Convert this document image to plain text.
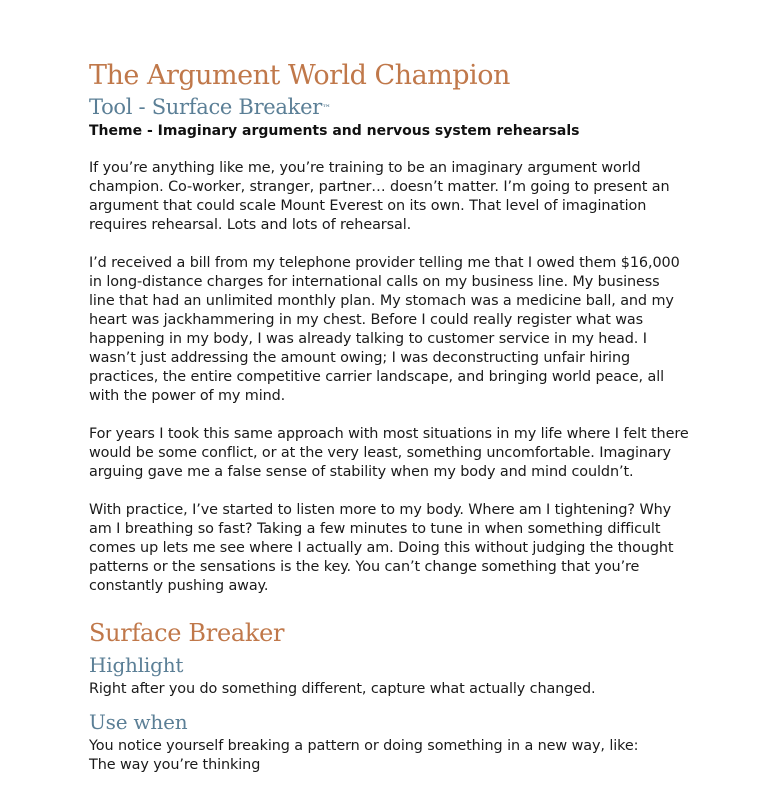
The Argument World Champion
Tool - Surface Breaker™

Theme - Imaginary arguments and nervous system rehearsals

If you’re anything like me, you’re training to be an imaginary argument world champion. Co-worker, stranger, partner… doesn’t matter. I’m going to present an argument that could scale Mount Everest on its own. That level of imagination requires rehearsal. Lots and lots of rehearsal.

I’d received a bill from my telephone provider telling me that I owed them $16,000 in long-distance charges for international calls on my business line. My business line that had an unlimited monthly plan. My stomach was a medicine ball, and my heart was jackhammering in my chest. Before I could really register what was happening in my body, I was already talking to customer service in my head. I wasn’t just addressing the amount owing; I was deconstructing unfair hiring practices, the entire competitive carrier landscape, and bringing world peace, all with the power of my mind.

For years I took this same approach with most situations in my life where I felt there would be some conflict, or at the very least, something uncomfortable. Imaginary arguing gave me a false sense of stability when my body and mind couldn’t.

With practice, I’ve started to listen more to my body. Where am I tightening? Why am I breathing so fast? Taking a few minutes to tune in when something difficult comes up lets me see where I actually am. Doing this without judging the thought patterns or the sensations is the key. You can’t change something that you’re constantly pushing away.

Surface Breaker
Highlight

Right after you do something different, capture what actually changed.

Use when

You notice yourself breaking a pattern or doing something in a new way, like:

The way you’re thinking
